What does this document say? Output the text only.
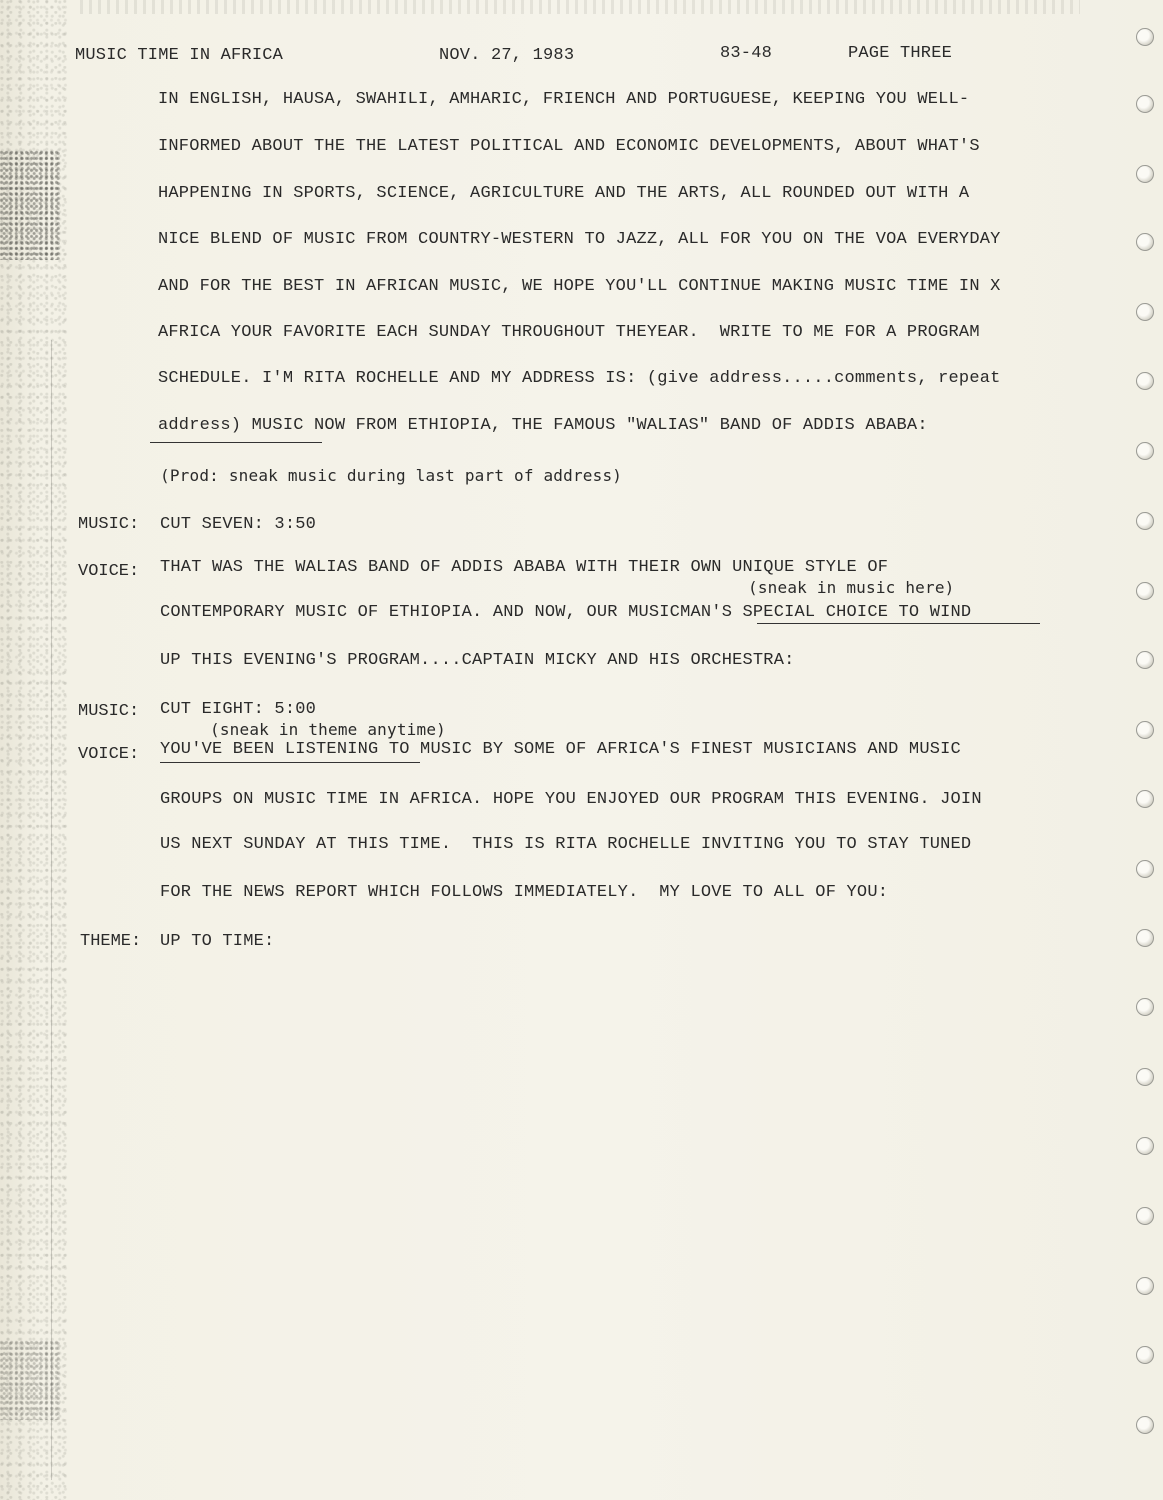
MUSIC TIME IN AFRICA	NOV. 27, 1983	83-48	PAGE THREE
IN ENGLISH, HAUSA, SWAHILI, AMHARIC, FRIENCH AND PORTUGUESE, KEEPING YOU WELL-
INFORMED ABOUT THE THE LATEST POLITICAL AND ECONOMIC DEVELOPMENTS, ABOUT WHAT'S
HAPPENING IN SPORTS, SCIENCE, AGRICULTURE AND THE ARTS, ALL ROUNDED OUT WITH A
NICE BLEND OF MUSIC FROM COUNTRY-WESTERN TO JAZZ, ALL FOR YOU ON THE VOA EVERYDAY
AND FOR THE BEST IN AFRICAN MUSIC, WE HOPE YOU'LL CONTINUE MAKING MUSIC TIME IN X
AFRICA YOUR FAVORITE EACH SUNDAY THROUGHOUT THEYEAR.  WRITE TO ME FOR A PROGRAM
SCHEDULE. I'M RITA ROCHELLE AND MY ADDRESS IS: (give address.....comments, repeat
address) MUSIC NOW FROM ETHIOPIA, THE FAMOUS "WALIAS" BAND OF ADDIS ABABA:
(Prod: sneak music during last part of address)
MUSIC: CUT SEVEN: 3:50
VOICE: THAT WAS THE WALIAS BAND OF ADDIS ABABA WITH THEIR OWN UNIQUE STYLE OF
(sneak in music here)
CONTEMPORARY MUSIC OF ETHIOPIA. AND NOW, OUR MUSICMAN'S SPECIAL CHOICE TO WIND
UP THIS EVENING'S PROGRAM....CAPTAIN MICKY AND HIS ORCHESTRA:
MUSIC: CUT EIGHT: 5:00
(sneak in theme anytime)
VOICE: YOU'VE BEEN LISTENING TO MUSIC BY SOME OF AFRICA'S FINEST MUSICIANS AND MUSIC
GROUPS ON MUSIC TIME IN AFRICA. HOPE YOU ENJOYED OUR PROGRAM THIS EVENING. JOIN
US NEXT SUNDAY AT THIS TIME.  THIS IS RITA ROCHELLE INVITING YOU TO STAY TUNED
FOR THE NEWS REPORT WHICH FOLLOWS IMMEDIATELY.  MY LOVE TO ALL OF YOU:
THEME: UP TO TIME:
